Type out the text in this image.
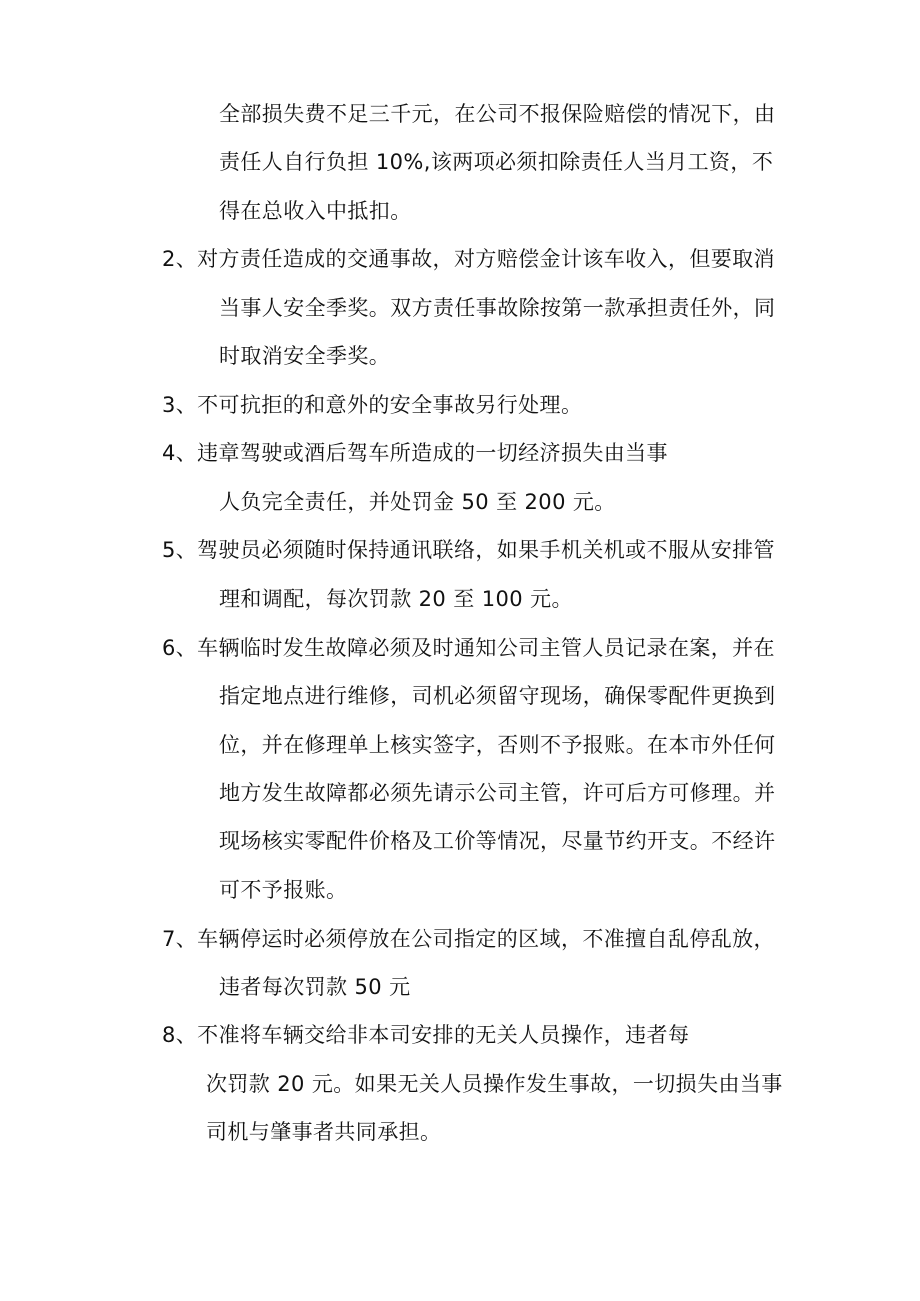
全部损失费不足三千元，在公司不报保险赔偿的情况下，由
责任人自行负担 10%,该两项必须扣除责任人当月工资，不
得在总收入中抵扣。
2、对方责任造成的交通事故，对方赔偿金计该车收入，但要取消
当事人安全季奖。双方责任事故除按第一款承担责任外，同
时取消安全季奖。
3、不可抗拒的和意外的安全事故另行处理。
4、违章驾驶或酒后驾车所造成的一切经济损失由当事
人负完全责任，并处罚金 50 至 200 元。
5、驾驶员必须随时保持通讯联络，如果手机关机或不服从安排管
理和调配，每次罚款 20 至 100 元。
6、车辆临时发生故障必须及时通知公司主管人员记录在案，并在
指定地点进行维修，司机必须留守现场，确保零配件更换到
位，并在修理单上核实签字，否则不予报账。在本市外任何
地方发生故障都必须先请示公司主管，许可后方可修理。并
现场核实零配件价格及工价等情况，尽量节约开支。不经许
可不予报账。
7、车辆停运时必须停放在公司指定的区域，不准擅自乱停乱放，
违者每次罚款 50 元
8、不准将车辆交给非本司安排的无关人员操作，违者每
次罚款 20 元。如果无关人员操作发生事故，一切损失由当事
司机与肇事者共同承担。
